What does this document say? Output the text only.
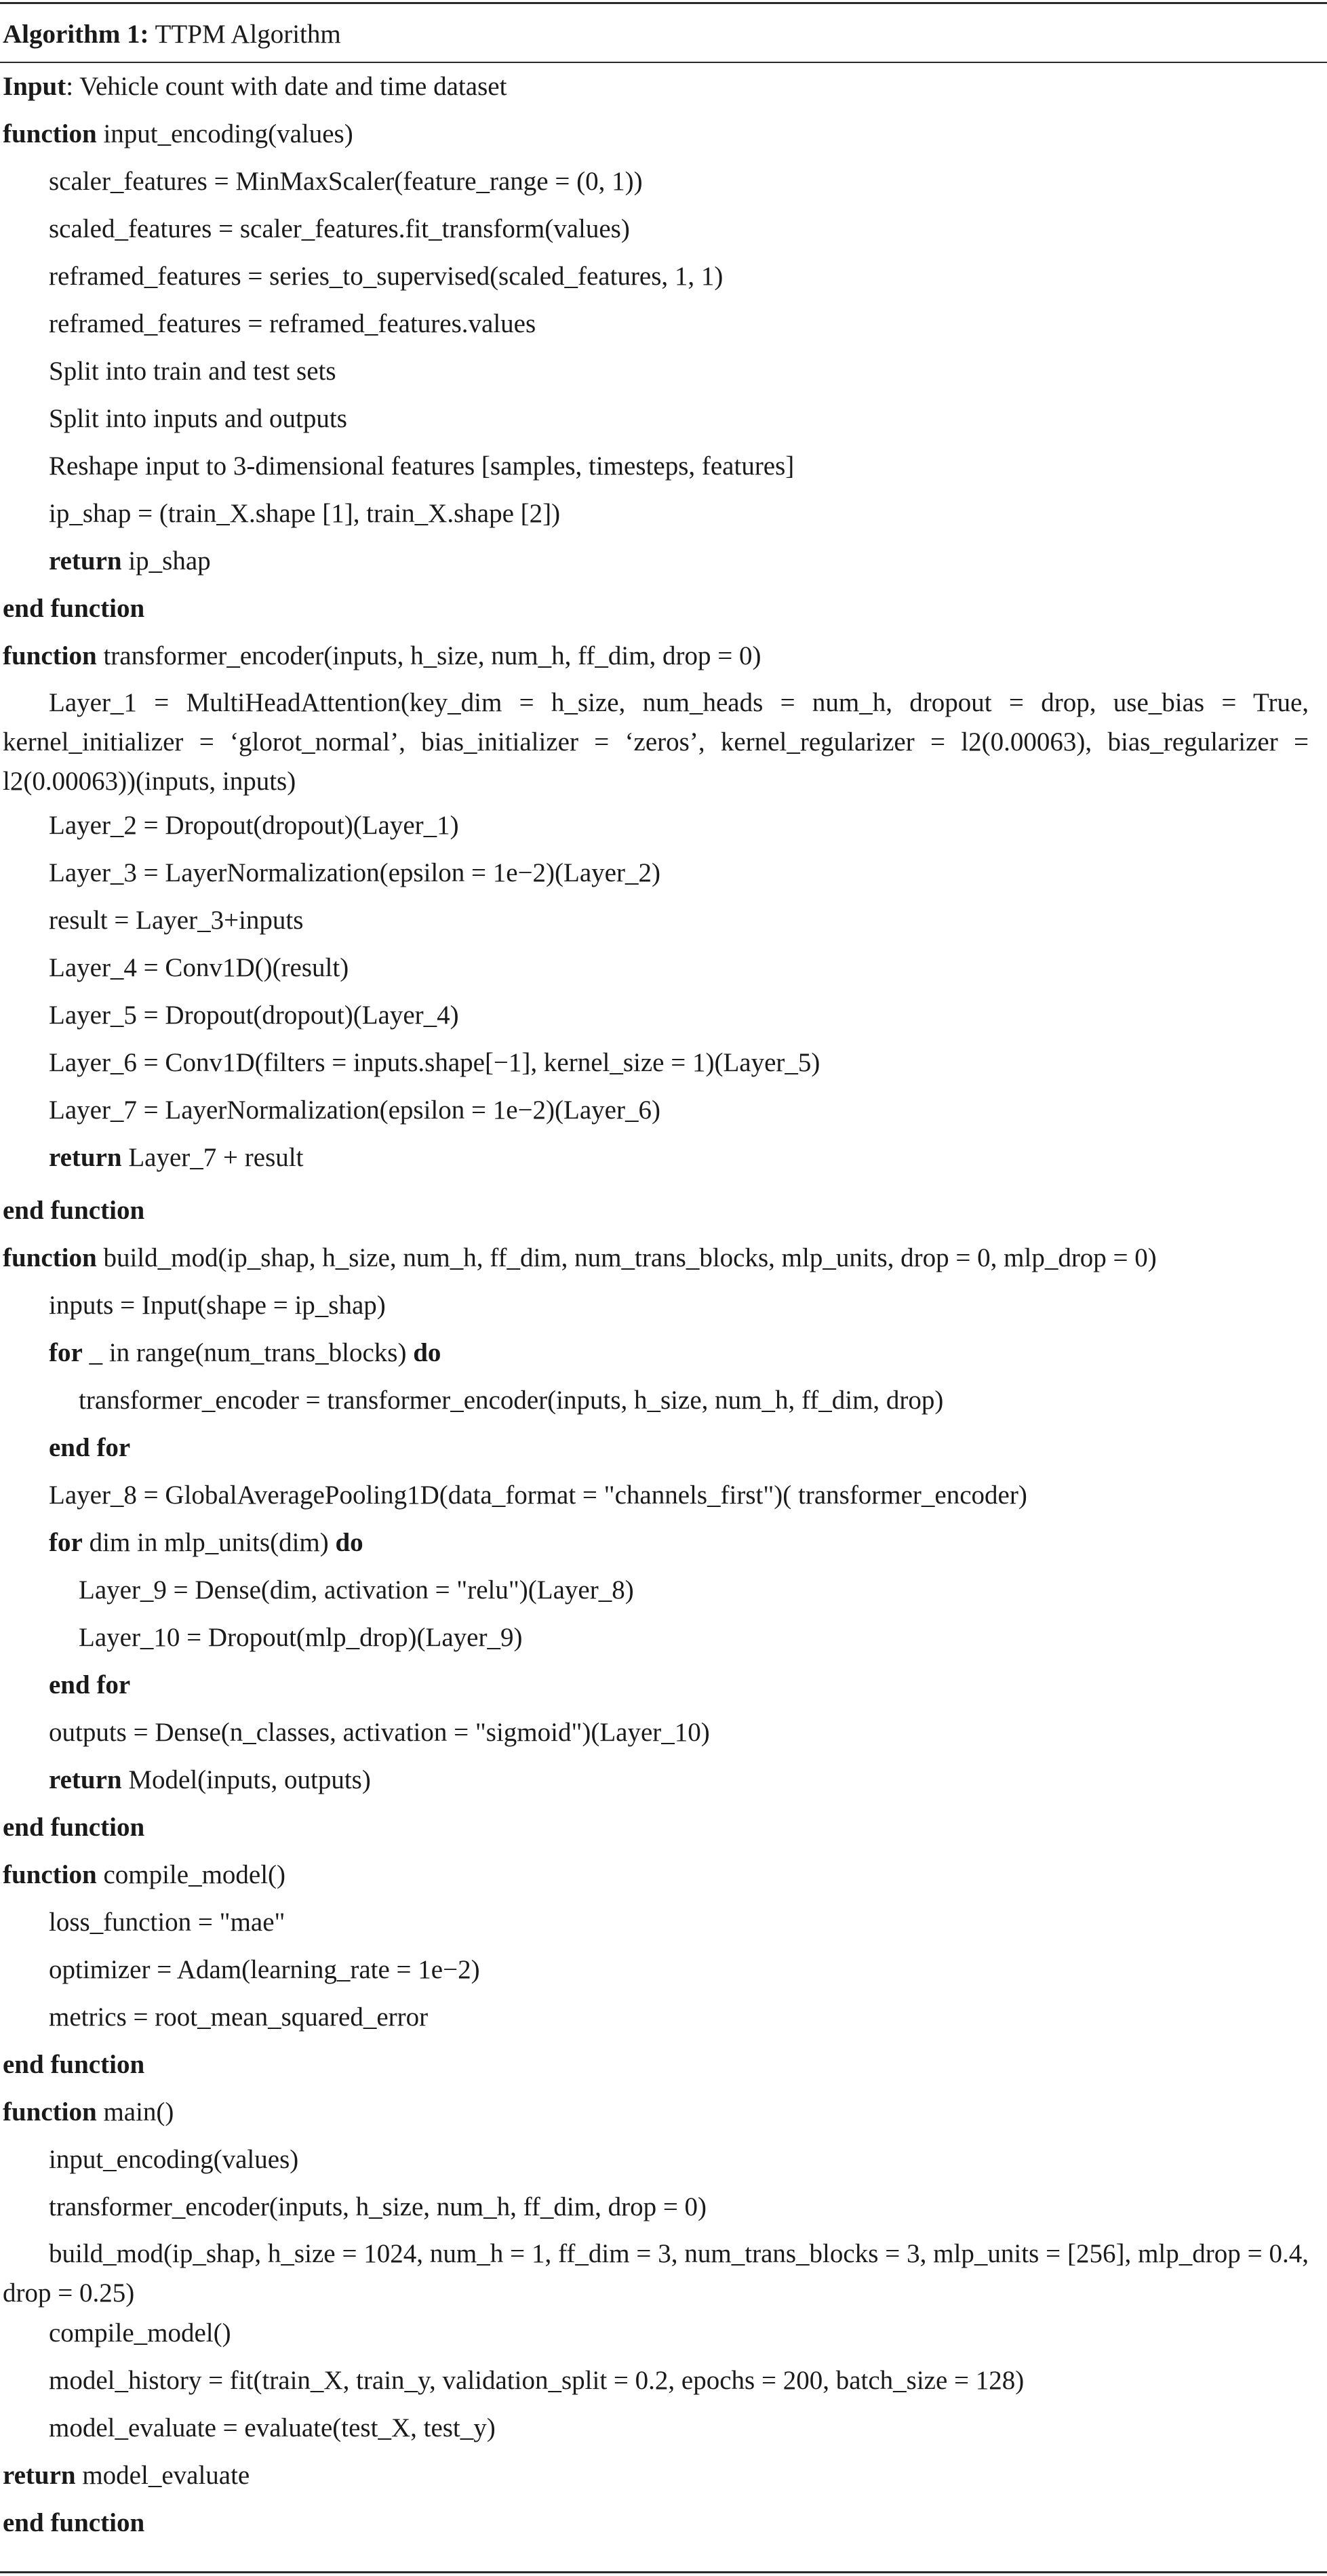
Algorithm 1: TTPM Algorithm
Input: Vehicle count with date and time dataset
function input_encoding(values)
scaler_features = MinMaxScaler(feature_range = (0, 1))
scaled_features = scaler_features.fit_transform(values)
reframed_features = series_to_supervised(scaled_features, 1, 1)
reframed_features = reframed_features.values
Split into train and test sets
Split into inputs and outputs
Reshape input to 3-dimensional features [samples, timesteps, features]
ip_shap = (train_X.shape [1], train_X.shape [2])
return ip_shap
end function
function transformer_encoder(inputs, h_size, num_h, ff_dim, drop = 0)
Layer_1 = MultiHeadAttention(key_dim = h_size, num_heads = num_h, dropout = drop, use_bias = True, kernel_initializer = ‘glorot_normal’, bias_initializer = ‘zeros’, kernel_regularizer = l2(0.00063), bias_regularizer = l2(0.00063))(inputs, inputs)
Layer_2 = Dropout(dropout)(Layer_1)
Layer_3 = LayerNormalization(epsilon = 1e−2)(Layer_2)
result = Layer_3+inputs
Layer_4 = Conv1D()(result)
Layer_5 = Dropout(dropout)(Layer_4)
Layer_6 = Conv1D(filters = inputs.shape[−1], kernel_size = 1)(Layer_5)
Layer_7 = LayerNormalization(epsilon = 1e−2)(Layer_6)
return Layer_7 + result
end function
function build_mod(ip_shap, h_size, num_h, ff_dim, num_trans_blocks, mlp_units, drop = 0, mlp_drop = 0)
inputs = Input(shape = ip_shap)
for _ in range(num_trans_blocks) do
transformer_encoder = transformer_encoder(inputs, h_size, num_h, ff_dim, drop)
end for
Layer_8 = GlobalAveragePooling1D(data_format = "channels_first")( transformer_encoder)
for dim in mlp_units(dim) do
Layer_9 = Dense(dim, activation = "relu")(Layer_8)
Layer_10 = Dropout(mlp_drop)(Layer_9)
end for
outputs = Dense(n_classes, activation = "sigmoid")(Layer_10)
return Model(inputs, outputs)
end function
function compile_model()
loss_function = "mae"
optimizer = Adam(learning_rate = 1e−2)
metrics = root_mean_squared_error
end function
function main()
input_encoding(values)
transformer_encoder(inputs, h_size, num_h, ff_dim, drop = 0)
build_mod(ip_shap, h_size = 1024, num_h = 1, ff_dim = 3, num_trans_blocks = 3, mlp_units = [256], mlp_drop = 0.4, drop = 0.25)
compile_model()
model_history = fit(train_X, train_y, validation_split = 0.2, epochs = 200, batch_size = 128)
model_evaluate = evaluate(test_X, test_y)
return model_evaluate
end function
